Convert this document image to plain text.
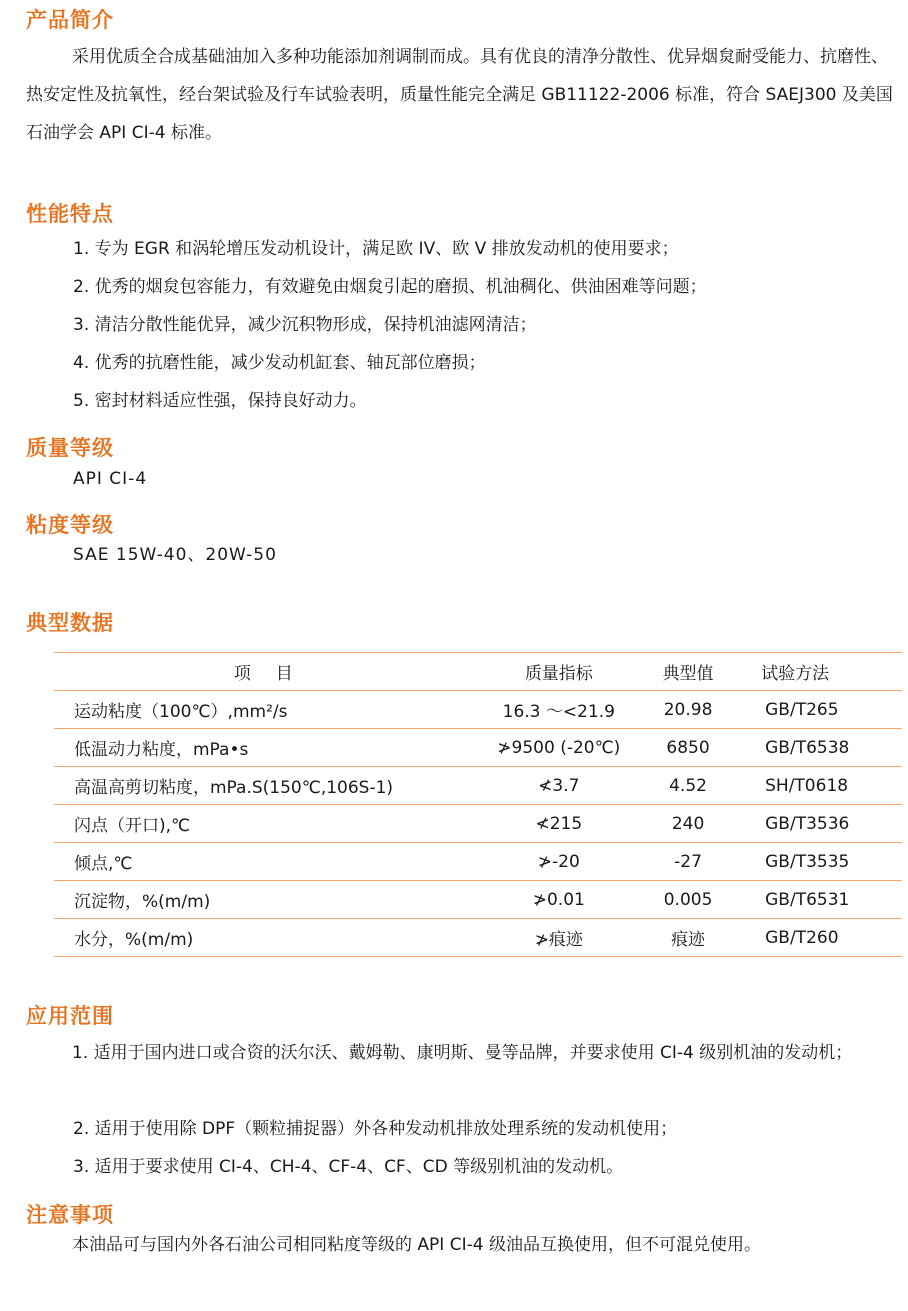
产品简介

采用优质全合成基础油加入多种功能添加剂调制而成。具有优良的清净分散性、优异烟炱耐受能力、抗磨性、热安定性及抗氧性，经台架试验及行车试验表明，质量性能完全满足 GB11122-2006 标准，符合 SAEJ300 及美国石油学会 API CI-4 标准。

性能特点

1. 专为 EGR 和涡轮增压发动机设计，满足欧 IV、欧 V 排放发动机的使用要求；

2. 优秀的烟炱包容能力，有效避免由烟炱引起的磨损、机油稠化、供油困难等问题；

3. 清洁分散性能优异，减少沉积物形成，保持机油滤网清洁；

4. 优秀的抗磨性能，减少发动机缸套、轴瓦部位磨损；

5. 密封材料适应性强，保持良好动力。

质量等级

API CI-4

粘度等级

SAE 15W-40、20W-50

典型数据
项　目	质量指标	典型值	试验方法
运动粘度（100℃）,mm²/s	16.3 ～<21.9	20.98	GB/T265
低温动力粘度，mPa•s	≯9500 (-20℃)	6850	GB/T6538
高温高剪切粘度，mPa.S(150℃,106S-1)	≮3.7	4.52	SH/T0618
闪点（开口),℃	≮215	240	GB/T3536
倾点,℃	≯-20	-27	GB/T3535
沉淀物，%(m/m)	≯0.01	0.005	GB/T6531
水分，%(m/m)	≯痕迹	痕迹	GB/T260
应用范围

1. 适用于国内进口或合资的沃尔沃、戴姆勒、康明斯、曼等品牌，并要求使用 CI-4 级别机油的发动机；

2. 适用于使用除 DPF（颗粒捕捉器）外各种发动机排放处理系统的发动机使用；

3. 适用于要求使用 CI-4、CH-4、CF-4、CF、CD 等级别机油的发动机。

注意事项

本油品可与国内外各石油公司相同粘度等级的 API CI-4 级油品互换使用，但不可混兑使用。
